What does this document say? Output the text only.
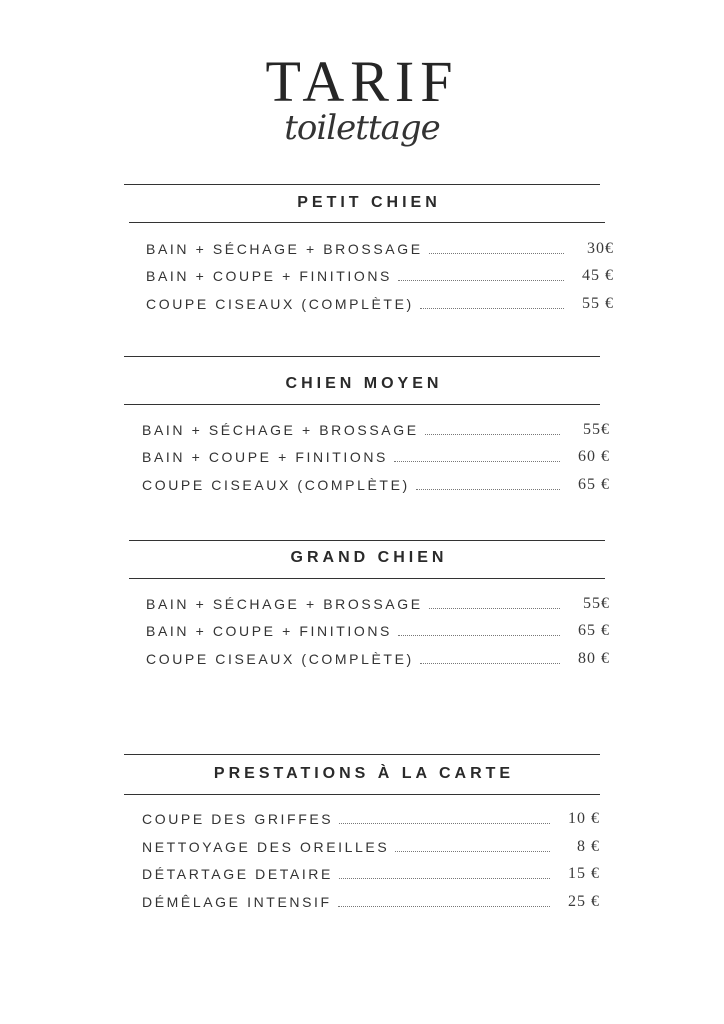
TARIF
toilettage
PETIT CHIEN
BAIN + SÉCHAGE + BROSSAGE	30€
BAIN + COUPE + FINITIONS	45 €
COUPE CISEAUX (COMPLÈTE)	55 €
CHIEN MOYEN
BAIN + SÉCHAGE + BROSSAGE	55€
BAIN + COUPE + FINITIONS	60 €
COUPE CISEAUX (COMPLÈTE)	65 €
GRAND CHIEN
BAIN + SÉCHAGE + BROSSAGE	55€
BAIN + COUPE + FINITIONS	65 €
COUPE CISEAUX (COMPLÈTE)	80 €
PRESTATIONS À LA CARTE
COUPE DES GRIFFES	10 €
NETTOYAGE DES OREILLES	8 €
DÉTARTAGE DETAIRE	15 €
DÉMÊLAGE INTENSIF	25 €
